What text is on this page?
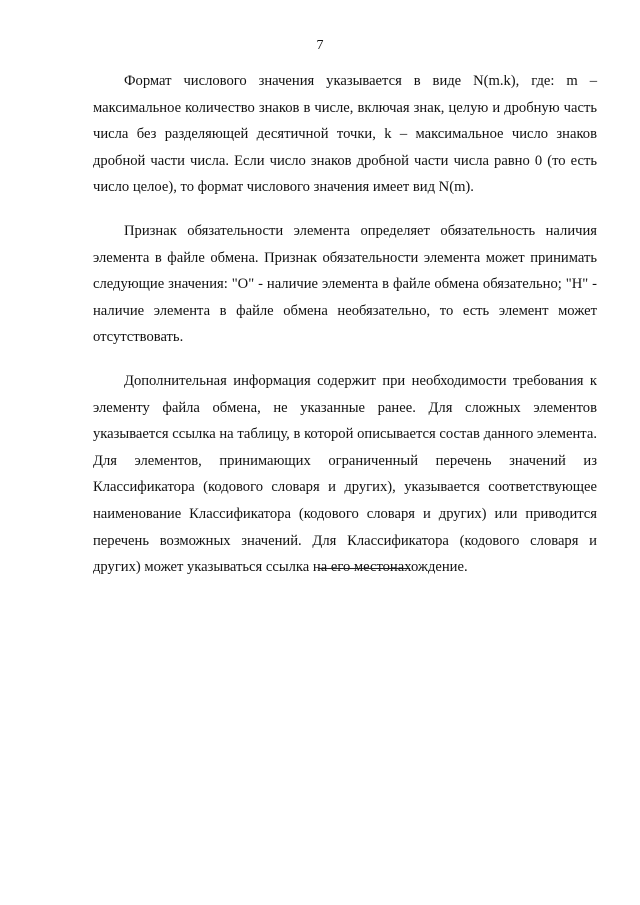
7

Формат числового значения указывается в виде N(m.k), где: m – максимальное количество знаков в числе, включая знак, целую и дробную часть числа без разделяющей десятичной точки, k – максимальное число знаков дробной части числа. Если число знаков дробной части числа равно 0 (то есть число целое), то формат числового значения имеет вид N(m).

Признак обязательности элемента определяет обязательность наличия элемента в файле обмена. Признак обязательности элемента может принимать следующие значения: "О" - наличие элемента в файле обмена обязательно; "Н" - наличие элемента в файле обмена необязательно, то есть элемент может отсутствовать.

Дополнительная информация содержит при необходимости требования к элементу файла обмена, не указанные ранее. Для сложных элементов указывается ссылка на таблицу, в которой описывается состав данного элемента. Для элементов, принимающих ограниченный перечень значений из Классификатора (кодового словаря и других), указывается соответствующее наименование Классификатора (кодового словаря и других) или приводится перечень возможных значений. Для Классификатора (кодового словаря и других) может указываться ссылка на его местонахождение.
